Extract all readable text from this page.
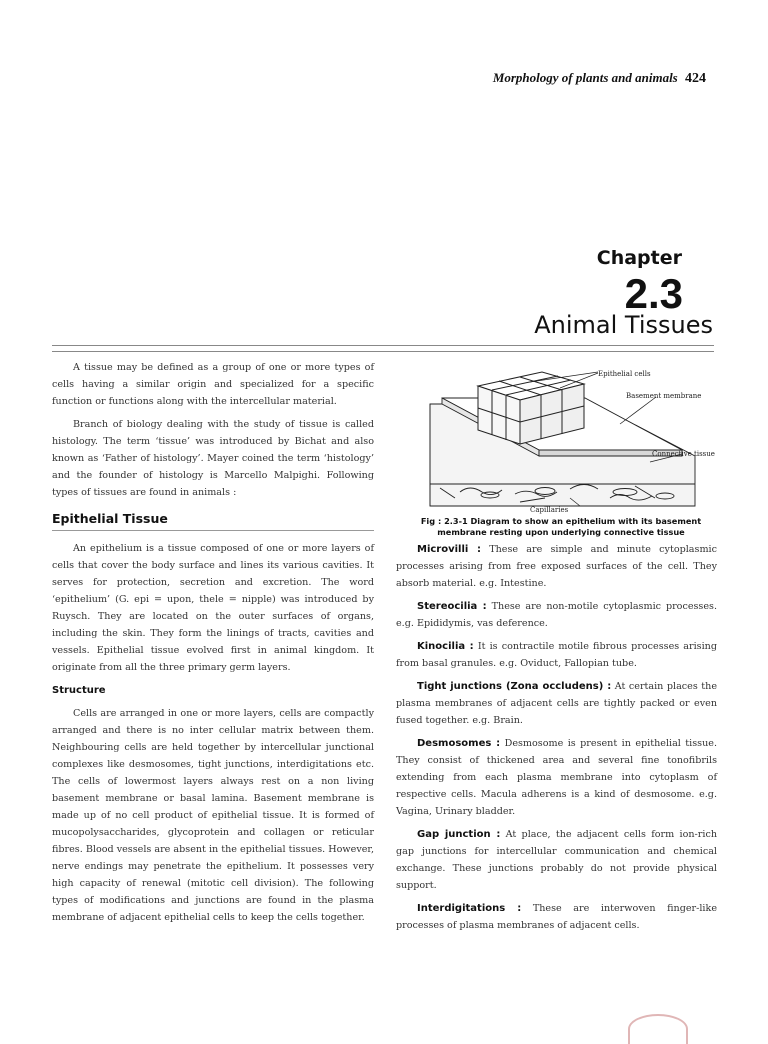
Morphology of plants and animals 424
Chapter
2.3
Animal Tissues

A tissue may be defined as a group of one or more types of cells having a similar origin and specialized for a specific function or functions along with the intercellular material.

Branch of biology dealing with the study of tissue is called histology. The term ‘tissue’ was introduced by Bichat and also known as ‘Father of histology’. Mayer coined the term ‘histology’ and the founder of histology is Marcello Malpighi. Following types of tissues are found in animals :

Epithelial Tissue

An epithelium is a tissue composed of one or more layers of cells that cover the body surface and lines its various cavities. It serves for protection, secretion and excretion. The word ‘epithelium’ (G. epi = upon, thele = nipple) was introduced by Ruysch. They are located on the outer surfaces of organs, including the skin. They form the linings of tracts, cavities and vessels. Epithelial tissue evolved first in animal kingdom. It originate from all the three primary germ layers.

Structure

Cells are arranged in one or more layers, cells are compactly arranged and there is no inter cellular matrix between them. Neighbouring cells are held together by intercellular junctional complexes like desmosomes, tight junctions, interdigitations etc. The cells of lowermost layers always rest on a non living basement membrane or basal lamina. Basement membrane is made up of no cell product of epithelial tissue. It is formed of mucopolysaccharides, glycoprotein and collagen or reticular fibres. Blood vessels are absent in the epithelial tissues. However, nerve endings may penetrate the epithelium. It possesses very high capacity of renewal (mitotic cell division). The following types of modifications and junctions are found in the plasma membrane of adjacent epithelial cells to keep the cells together.

Epithelial cells
Basement membrane
Connective tissue
Capillaries
Fig : 2.3-1 Diagram to show an epithelium with its basement membrane resting upon underlying connective tissue

Microvilli : These are simple and minute cytoplasmic processes arising from free exposed surfaces of the cell. They absorb material. e.g. Intestine.

Stereocilia : These are non-motile cytoplasmic processes. e.g. Epididymis, vas deference.

Kinocilia : It is contractile motile fibrous processes arising from basal granules. e.g. Oviduct, Fallopian tube.

Tight junctions (Zona occludens) : At certain places the plasma membranes of adjacent cells are tightly packed or even fused together. e.g. Brain.

Desmosomes : Desmosome is present in epithelial tissue. They consist of thickened area and several fine tonofibrils extending from each plasma membrane into cytoplasm of respective cells. Macula adherens is a kind of desmosome. e.g. Vagina, Urinary bladder.

Gap junction : At place, the adjacent cells form ion-rich gap junctions for intercellular communication and chemical exchange. These junctions probably do not provide physical support.

Interdigitations : These are interwoven finger-like processes of plasma membranes of adjacent cells.
